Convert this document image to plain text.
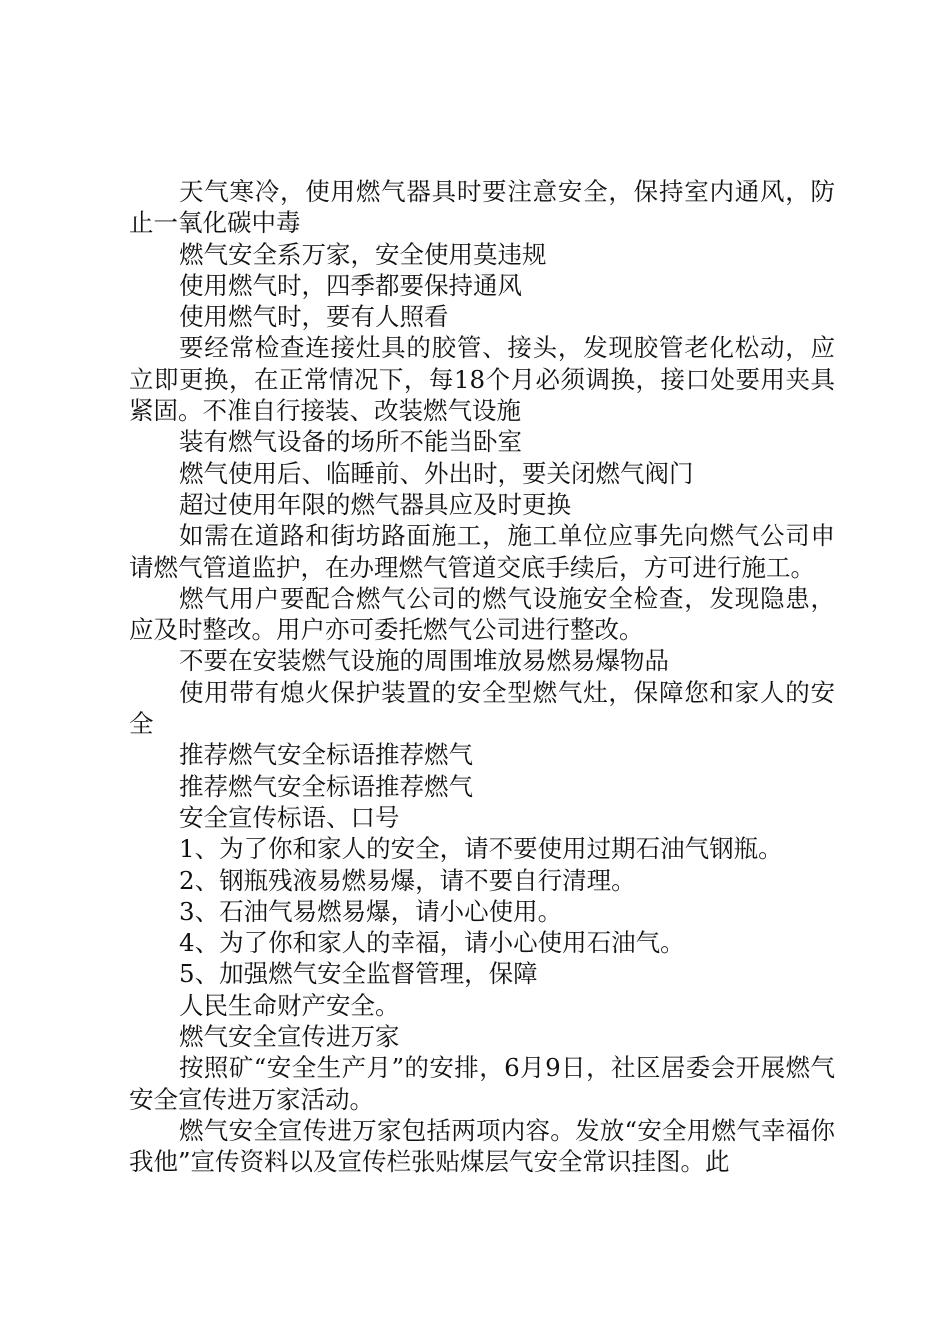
天气寒冷，使用燃气器具时要注意安全，保持室内通风，防止一氧化碳中毒

燃气安全系万家，安全使用莫违规

使用燃气时，四季都要保持通风

使用燃气时，要有人照看

要经常检查连接灶具的胶管、接头，发现胶管老化松动，应立即更换，在正常情况下，每18个月必须调换，接口处要用夹具紧固。不准自行接装、改装燃气设施

装有燃气设备的场所不能当卧室

燃气使用后、临睡前、外出时，要关闭燃气阀门

超过使用年限的燃气器具应及时更换

如需在道路和街坊路面施工，施工单位应事先向燃气公司申请燃气管道监护，在办理燃气管道交底手续后，方可进行施工。

燃气用户要配合燃气公司的燃气设施安全检查，发现隐患，应及时整改。用户亦可委托燃气公司进行整改。

不要在安装燃气设施的周围堆放易燃易爆物品

使用带有熄火保护装置的安全型燃气灶，保障您和家人的安全

推荐燃气安全标语推荐燃气

推荐燃气安全标语推荐燃气

安全宣传标语、口号

1、为了你和家人的安全，请不要使用过期石油气钢瓶。

2、钢瓶残液易燃易爆，请不要自行清理。

3、石油气易燃易爆，请小心使用。

4、为了你和家人的幸福，请小心使用石油气。

5、加强燃气安全监督管理，保障

人民生命财产安全。

燃气安全宣传进万家

按照矿“安全生产月”的安排，6月9日，社区居委会开展燃气安全宣传进万家活动。

燃气安全宣传进万家包括两项内容。发放“安全用燃气幸福你我他”宣传资料以及宣传栏张贴煤层气安全常识挂图。此
